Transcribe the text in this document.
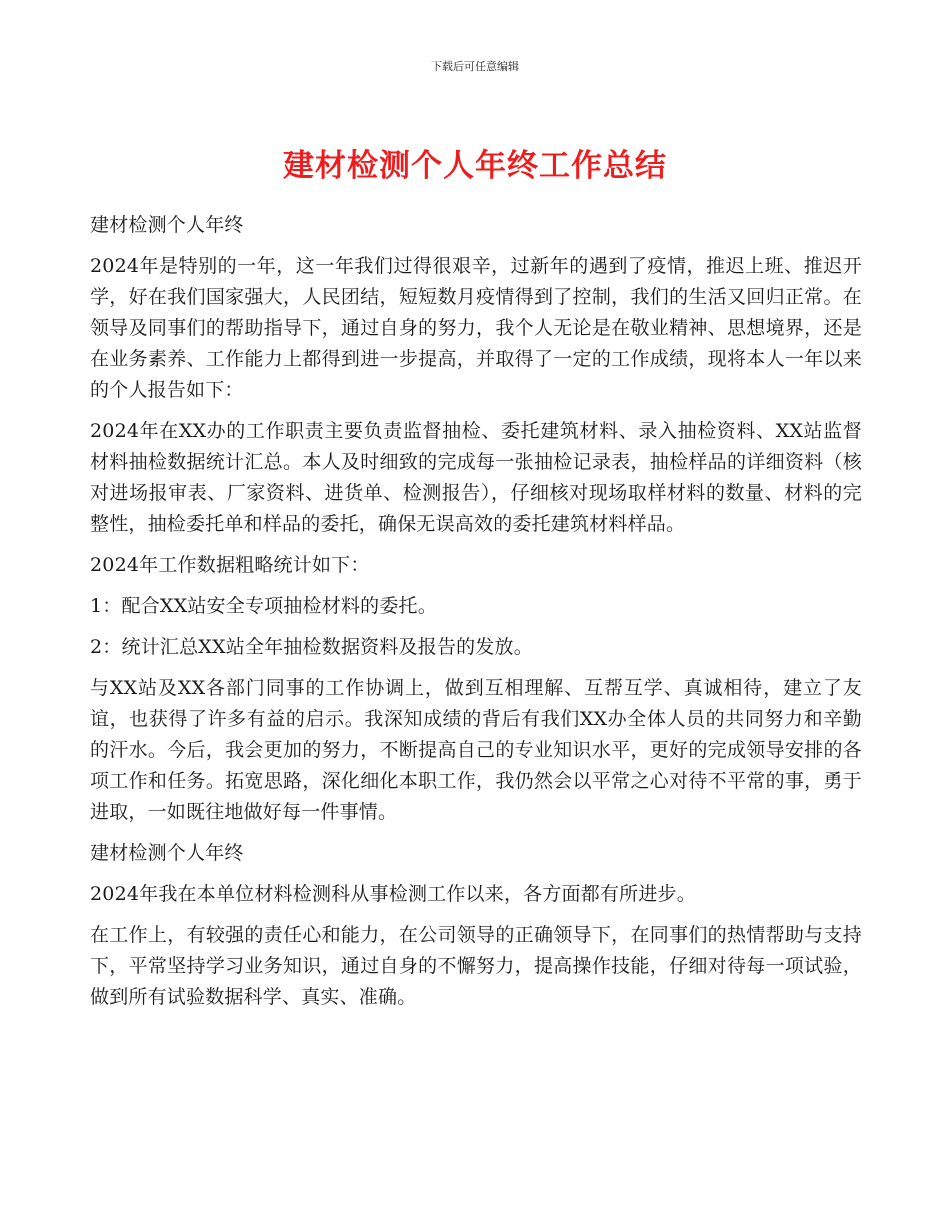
下载后可任意编辑
建材检测个人年终工作总结

建材检测个人年终

2024年是特别的一年，这一年我们过得很艰辛，过新年的遇到了疫情，推迟上班、推迟开学，好在我们国家强大，人民团结，短短数月疫情得到了控制，我们的生活又回归正常。在领导及同事们的帮助指导下，通过自身的努力，我个人无论是在敬业精神、思想境界，还是在业务素养、工作能力上都得到进一步提高，并取得了一定的工作成绩，现将本人一年以来的个人报告如下：

2024年在XX办的工作职责主要负责监督抽检、委托建筑材料、录入抽检资料、XX站监督材料抽检数据统计汇总。本人及时细致的完成每一张抽检记录表，抽检样品的详细资料（核对进场报审表、厂家资料、进货单、检测报告），仔细核对现场取样材料的数量、材料的完整性，抽检委托单和样品的委托，确保无误高效的委托建筑材料样品。

2024年工作数据粗略统计如下：

1：配合XX站安全专项抽检材料的委托。

2：统计汇总XX站全年抽检数据资料及报告的发放。

与XX站及XX各部门同事的工作协调上，做到互相理解、互帮互学、真诚相待，建立了友谊，也获得了许多有益的启示。我深知成绩的背后有我们XX办全体人员的共同努力和辛勤的汗水。今后，我会更加的努力，不断提高自己的专业知识水平，更好的完成领导安排的各项工作和任务。拓宽思路，深化细化本职工作，我仍然会以平常之心对待不平常的事，勇于进取，一如既往地做好每一件事情。

建材检测个人年终

2024年我在本单位材料检测科从事检测工作以来，各方面都有所进步。

在工作上，有较强的责任心和能力，在公司领导的正确领导下，在同事们的热情帮助与支持下，平常坚持学习业务知识，通过自身的不懈努力，提高操作技能，仔细对待每一项试验，做到所有试验数据科学、真实、准确。
